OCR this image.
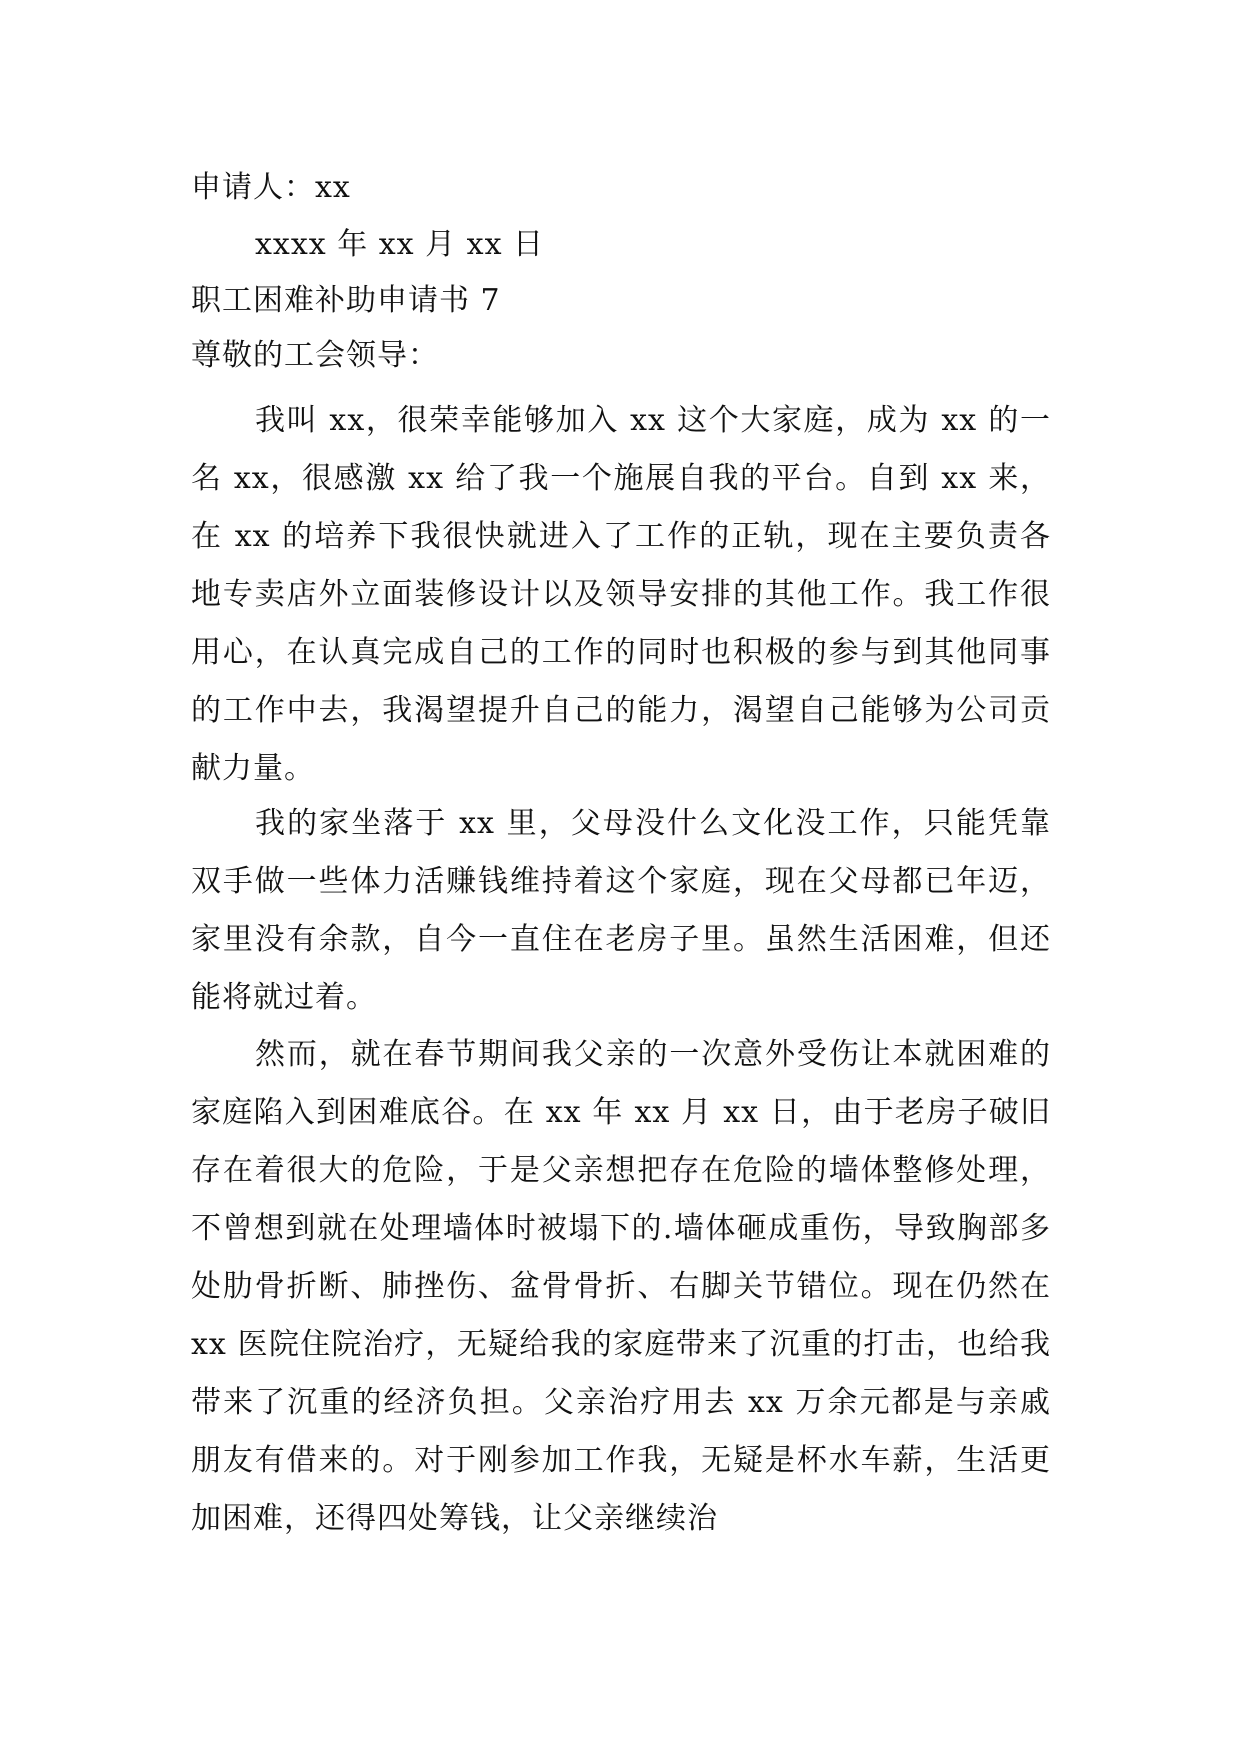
申请人：xx
xxxx 年 xx 月 xx 日
职工困难补助申请书 7
尊敬的工会领导：
我叫 xx，很荣幸能够加入 xx 这个大家庭，成为 xx 的一名 xx，很感激 xx 给了我一个施展自我的平台。自到 xx 来，在 xx 的培养下我很快就进入了工作的正轨，现在主要负责各地专卖店外立面装修设计以及领导安排的其他工作。我工作很用心，在认真完成自己的工作的同时也积极的参与到其他同事的工作中去，我渴望提升自己的能力，渴望自己能够为公司贡献力量。
我的家坐落于 xx 里，父母没什么文化没工作，只能凭靠双手做一些体力活赚钱维持着这个家庭，现在父母都已年迈，家里没有余款，自今一直住在老房子里。虽然生活困难，但还能将就过着。
然而，就在春节期间我父亲的一次意外受伤让本就困难的家庭陷入到困难底谷。在 xx 年 xx 月 xx 日，由于老房子破旧存在着很大的危险，于是父亲想把存在危险的墙体整修处理，不曾想到就在处理墙体时被塌下的.墙体砸成重伤，导致胸部多处肋骨折断、肺挫伤、盆骨骨折、右脚关节错位。现在仍然在 xx 医院住院治疗，无疑给我的家庭带来了沉重的打击，也给我带来了沉重的经济负担。父亲治疗用去 xx 万余元都是与亲戚朋友有借来的。对于刚参加工作我，无疑是杯水车薪，生活更加困难，还得四处筹钱，让父亲继续治
